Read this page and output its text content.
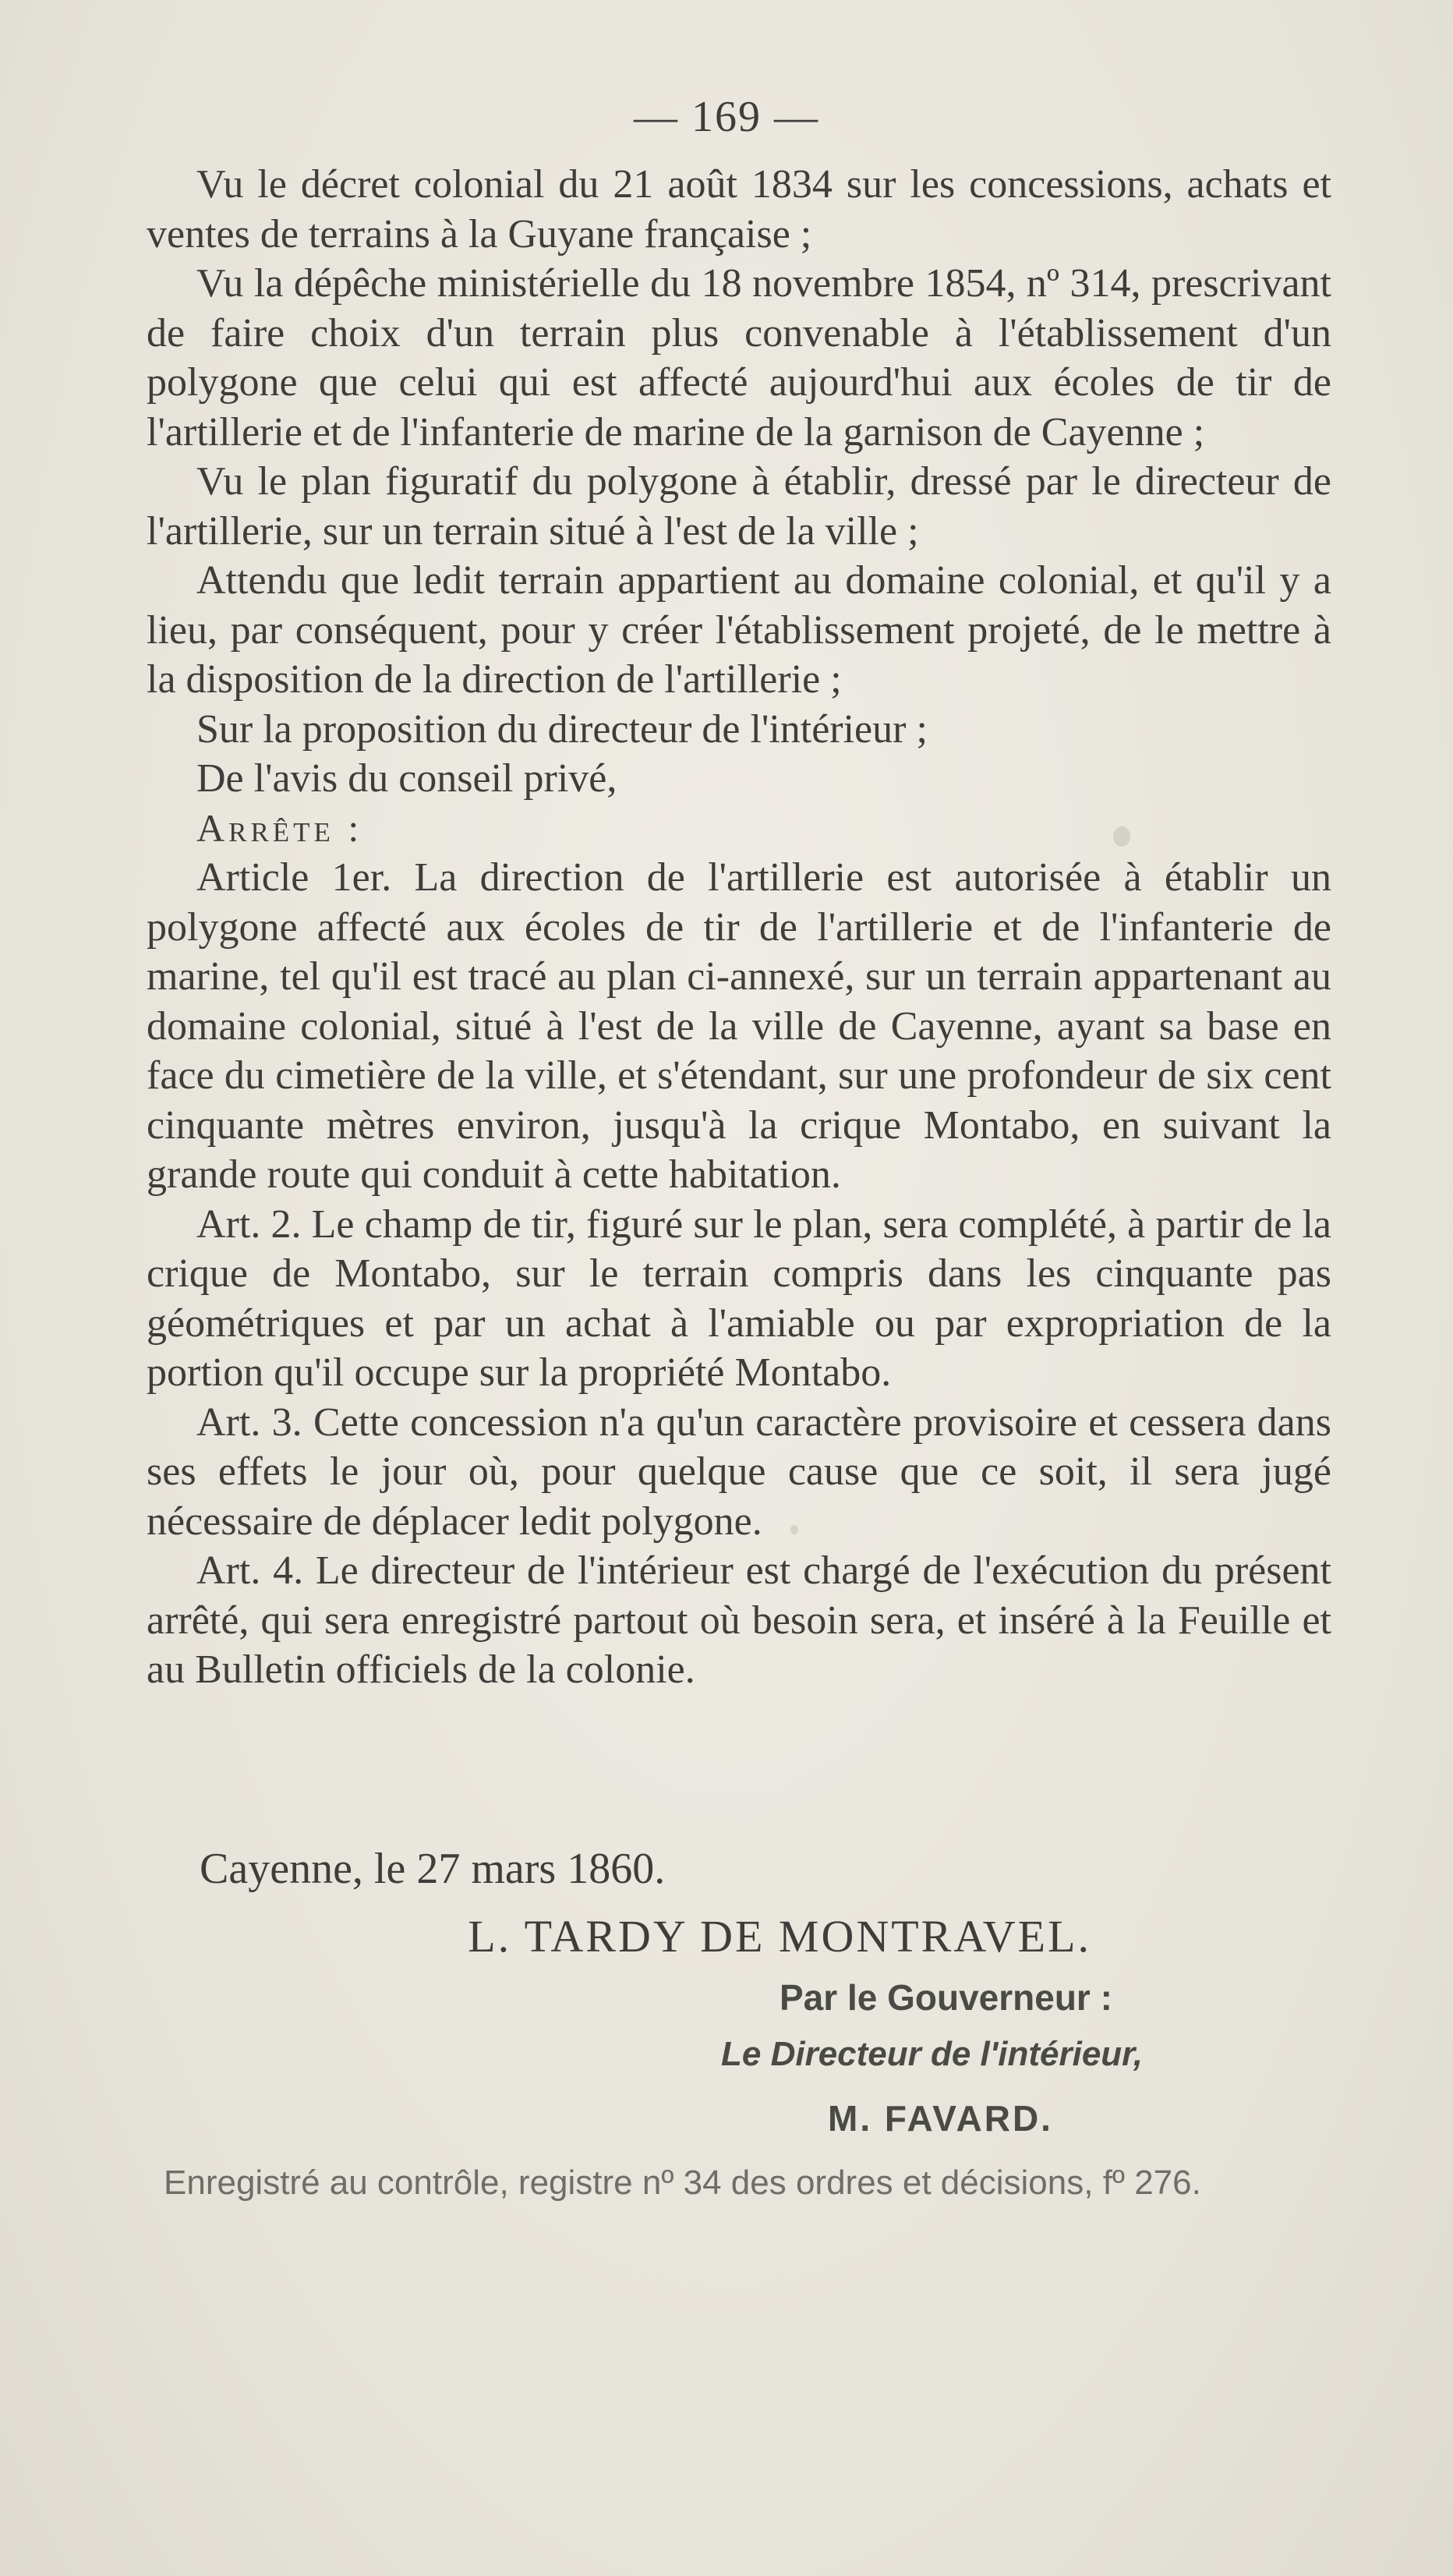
— 169 —

Vu le décret colonial du 21 août 1834 sur les concessions, achats et ventes de terrains à la Guyane française ;

Vu la dépêche ministérielle du 18 novembre 1854, nº 314, prescrivant de faire choix d'un terrain plus convenable à l'établissement d'un polygone que celui qui est affecté aujourd'hui aux écoles de tir de l'artillerie et de l'infanterie de marine de la garnison de Cayenne ;

Vu le plan figuratif du polygone à établir, dressé par le directeur de l'artillerie, sur un terrain situé à l'est de la ville ;

Attendu que ledit terrain appartient au domaine colonial, et qu'il y a lieu, par conséquent, pour y créer l'établissement projeté, de le mettre à la disposition de la direction de l'artillerie ;

Sur la proposition du directeur de l'intérieur ;

De l'avis du conseil privé,

Arrête :

Article 1er. La direction de l'artillerie est autorisée à établir un polygone affecté aux écoles de tir de l'artillerie et de l'infanterie de marine, tel qu'il est tracé au plan ci-annexé, sur un terrain appartenant au domaine colonial, situé à l'est de la ville de Cayenne, ayant sa base en face du cimetière de la ville, et s'étendant, sur une profondeur de six cent cinquante mètres environ, jusqu'à la crique Montabo, en suivant la grande route qui conduit à cette habitation.

Art. 2. Le champ de tir, figuré sur le plan, sera complété, à partir de la crique de Montabo, sur le terrain compris dans les cinquante pas géométriques et par un achat à l'amiable ou par expropriation de la portion qu'il occupe sur la propriété Montabo.

Art. 3. Cette concession n'a qu'un caractère provisoire et cessera dans ses effets le jour où, pour quelque cause que ce soit, il sera jugé nécessaire de déplacer ledit polygone.

Art. 4. Le directeur de l'intérieur est chargé de l'exécution du présent arrêté, qui sera enregistré partout où besoin sera, et inséré à la Feuille et au Bulletin officiels de la colonie.

Cayenne, le 27 mars 1860.
L. TARDY DE MONTRAVEL.
Par le Gouverneur :
Le Directeur de l'intérieur,
M. FAVARD.
Enregistré au contrôle, registre nº 34 des ordres et décisions, fº 276.
